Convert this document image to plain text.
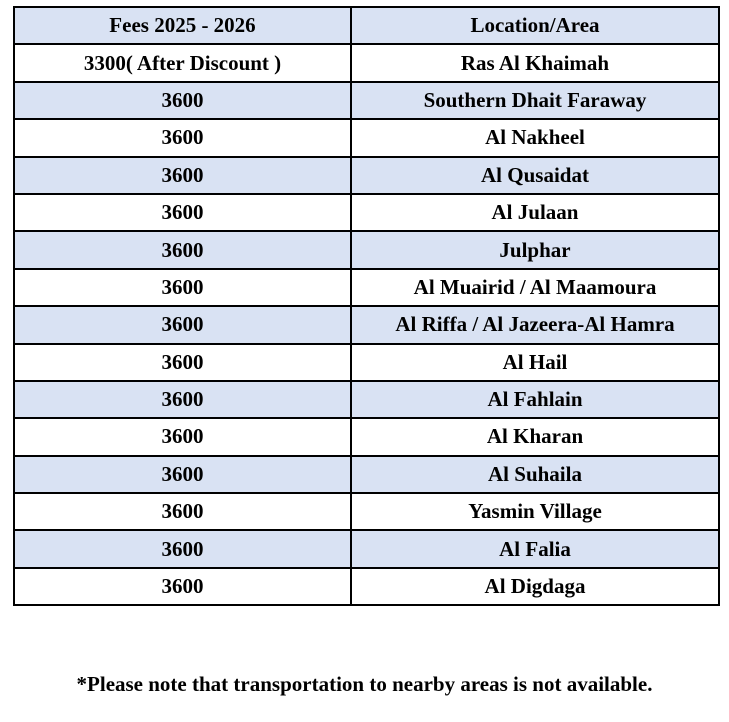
Fees 2025 - 2026	Location/Area
3300( After Discount )	Ras Al Khaimah
3600	Southern Dhait Faraway
3600	Al Nakheel
3600	Al Qusaidat
3600	Al Julaan
3600	Julphar
3600	Al Muairid / Al Maamoura
3600	Al Riffa / Al Jazeera-Al Hamra
3600	Al Hail
3600	Al Fahlain
3600	Al Kharan
3600	Al Suhaila
3600	Yasmin Village
3600	Al Falia
3600	Al Digdaga
*Please note that transportation to nearby areas is not available.
